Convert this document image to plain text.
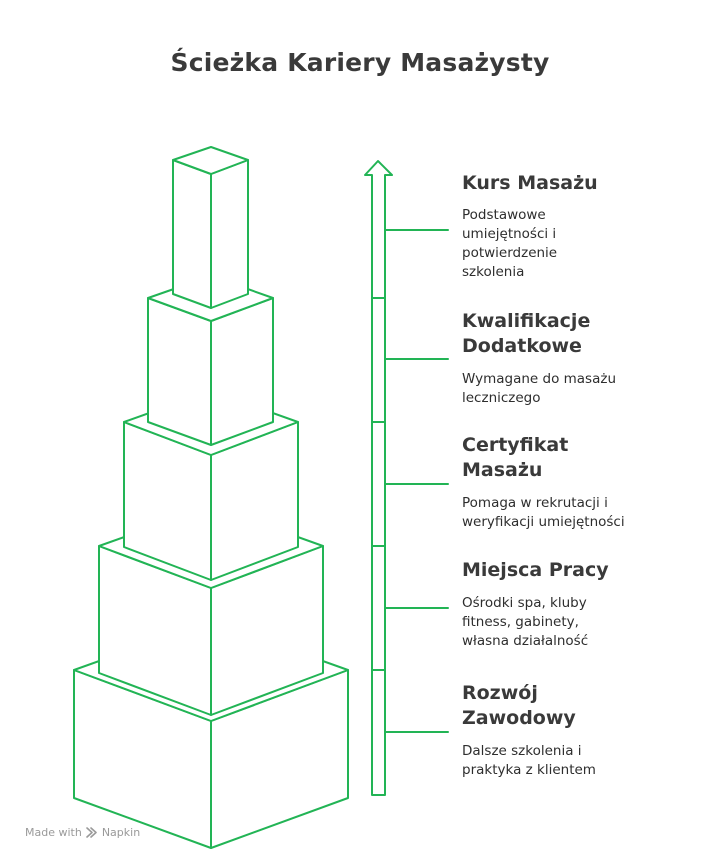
Ścieżka Kariery Masażysty
Kurs Masażu
Podstawowe
umiejętności i
potwierdzenie
szkolenia
Kwalifikacje
Dodatkowe
Wymagane do masażu
leczniczego
Certyfikat
Masażu
Pomaga w rekrutacji i
weryfikacji umiejętności
Miejsca Pracy
Ośrodki spa, kluby
fitness, gabinety,
własna działalność
Rozwój
Zawodowy
Dalsze szkolenia i
praktyka z klientem
Made with Napkin
